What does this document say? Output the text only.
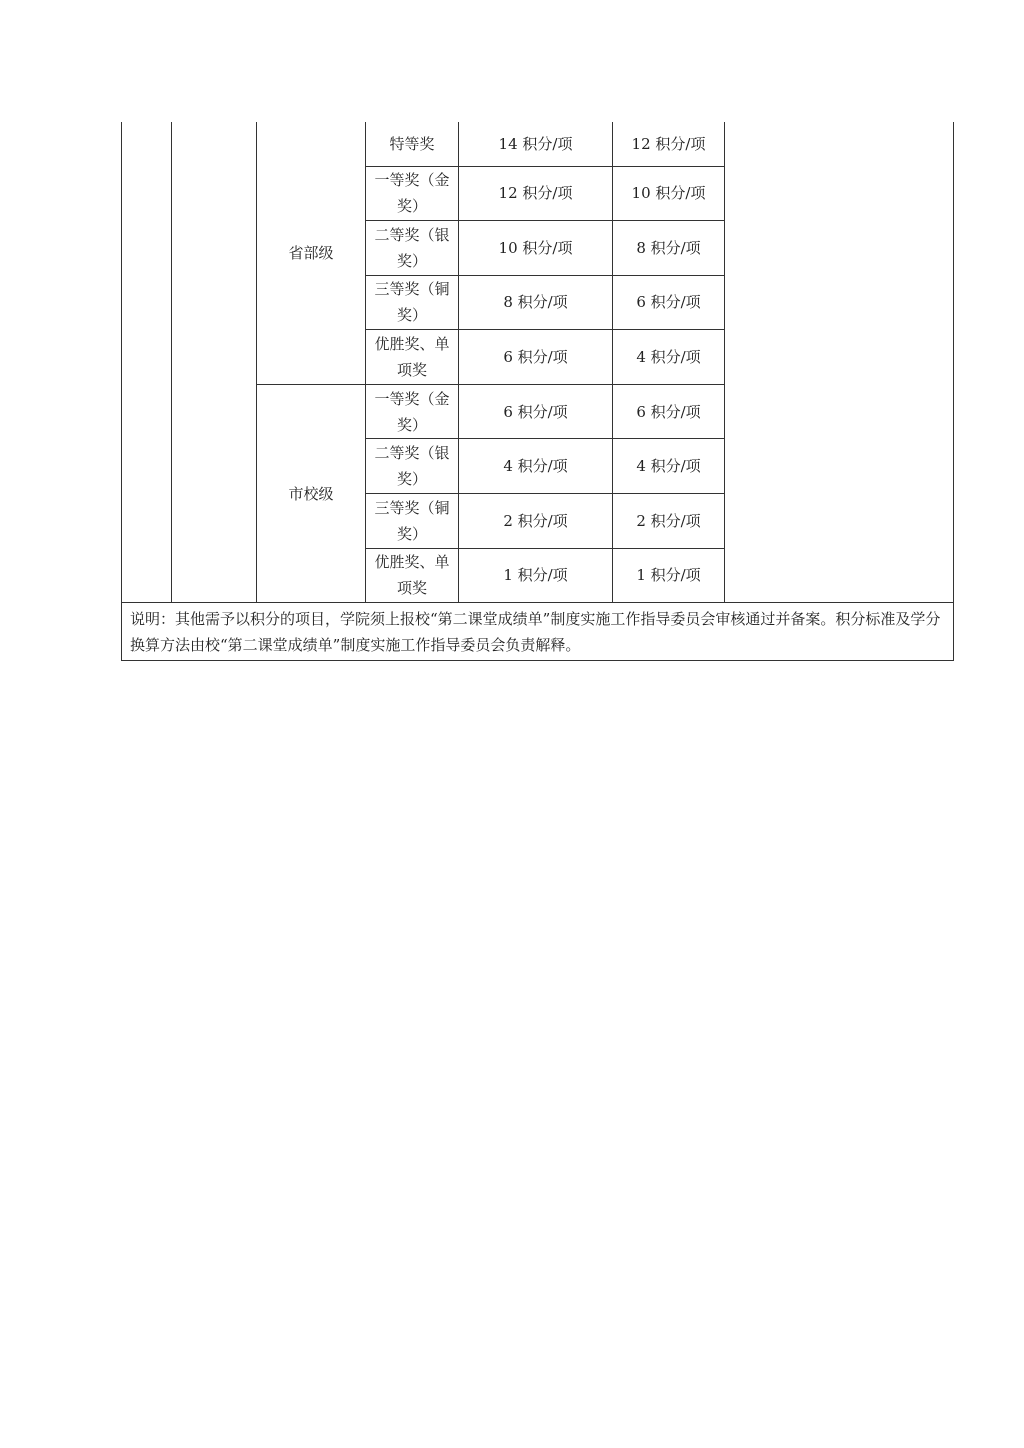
		省部级	特等奖	14 积分/项	12 积分/项	
			一等奖（金奖）	12 积分/项	10 积分/项	
			二等奖（银奖）	10 积分/项	8 积分/项	
			三等奖（铜奖）	8 积分/项	6 积分/项	
			优胜奖、单项奖	6 积分/项	4 积分/项	
		市校级	一等奖（金奖）	6 积分/项	6 积分/项	
			二等奖（银奖）	4 积分/项	4 积分/项	
			三等奖（铜奖）	2 积分/项	2 积分/项	
			优胜奖、单项奖	1 积分/项	1 积分/项	
说明：其他需予以积分的项目，学院须上报校“第二课堂成绩单”制度实施工作指导委员会审核通过并备案。积分标准及学分换算方法由校“第二课堂成绩单”制度实施工作指导委员会负责解释。						
